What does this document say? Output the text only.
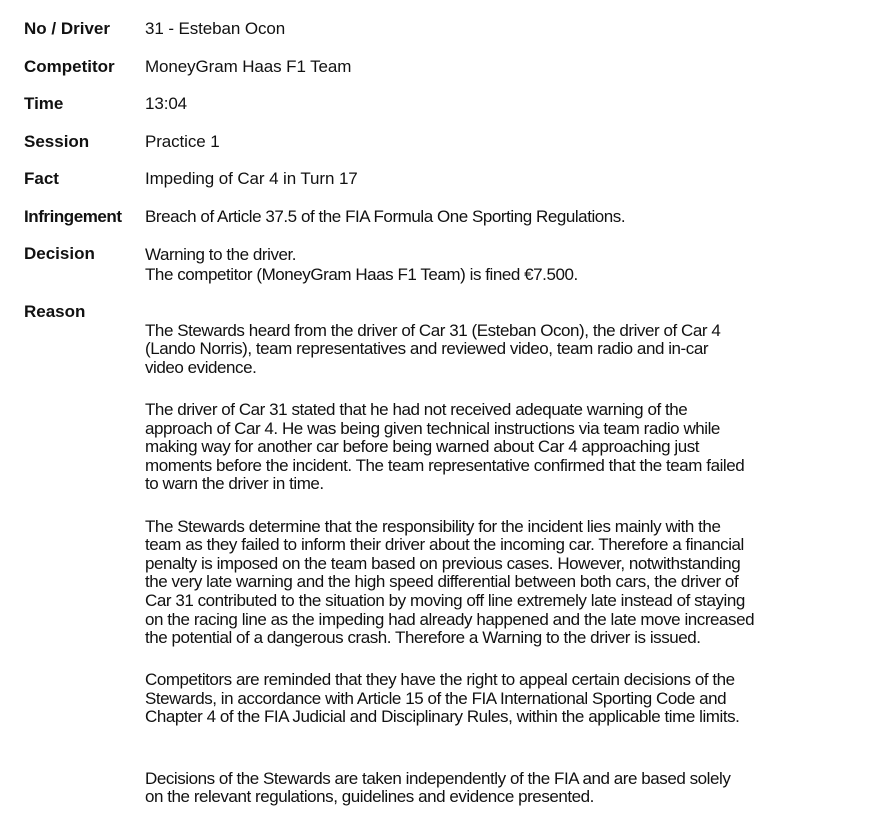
No / Driver 31 - Esteban Ocon
Competitor MoneyGram Haas F1 Team
Time	13:04
Session	Practice 1
Fact	Impeding of Car 4 in Turn 17
Infringement Breach of Article 37.5 of the FIA Formula One Sporting Regulations.
Decision	Warning to the driver.
The competitor (MoneyGram Haas F1 Team) is fined €7.500.
Reason

The Stewards heard from the driver of Car 31 (Esteban Ocon), the driver of Car 4
(Lando Norris), team representatives and reviewed video, team radio and in-car
video evidence.

The driver of Car 31 stated that he had not received adequate warning of the
approach of Car 4. He was being given technical instructions via team radio while
making way for another car before being warned about Car 4 approaching just
moments before the incident. The team representative confirmed that the team failed
to warn the driver in time.

The Stewards determine that the responsibility for the incident lies mainly with the
team as they failed to inform their driver about the incoming car. Therefore a financial
penalty is imposed on the team based on previous cases. However, notwithstanding
the very late warning and the high speed differential between both cars, the driver of
Car 31 contributed to the situation by moving off line extremely late instead of staying
on the racing line as the impeding had already happened and the late move increased
the potential of a dangerous crash. Therefore a Warning to the driver is issued.

Competitors are reminded that they have the right to appeal certain decisions of the
Stewards, in accordance with Article 15 of the FIA International Sporting Code and
Chapter 4 of the FIA Judicial and Disciplinary Rules, within the applicable time limits.

Decisions of the Stewards are taken independently of the FIA and are based solely
on the relevant regulations, guidelines and evidence presented.
